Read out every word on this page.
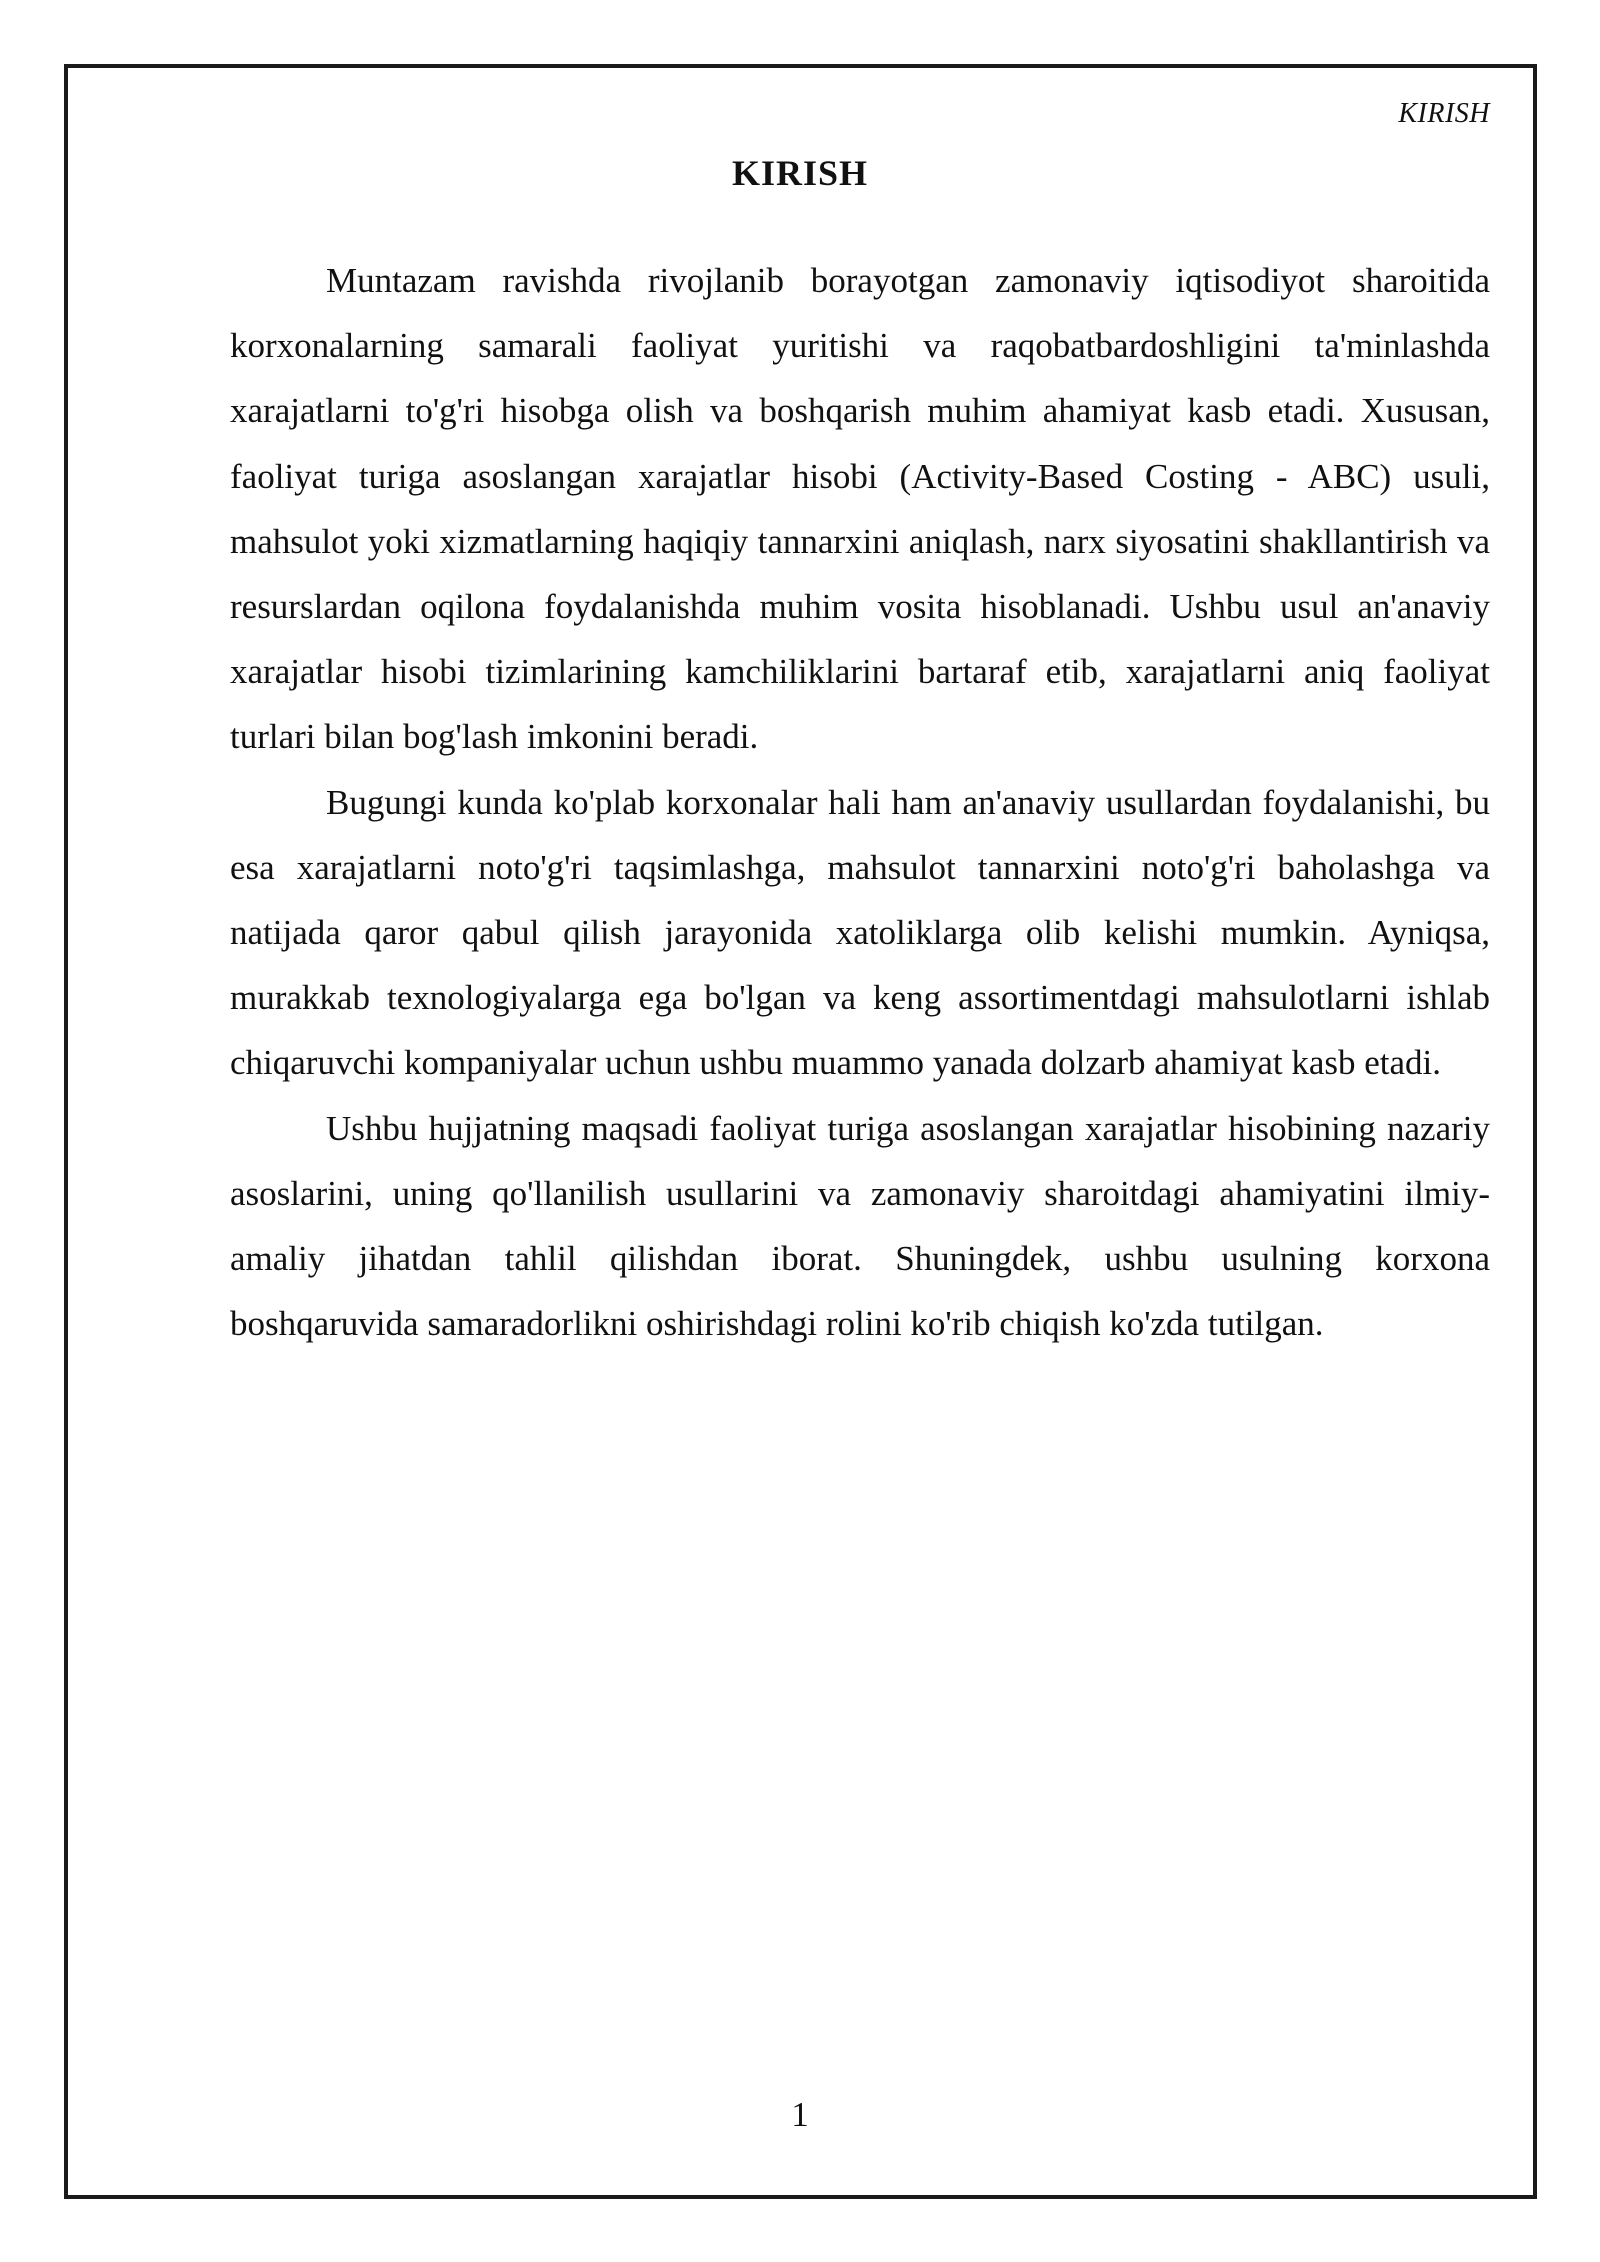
KIRISH
KIRISH

Muntazam ravishda rivojlanib borayotgan zamonaviy iqtisodiyot sharoitida korxonalarning samarali faoliyat yuritishi va raqobatbardoshligini ta'minlashda xarajatlarni to'g'ri hisobga olish va boshqarish muhim ahamiyat kasb etadi. Xususan, faoliyat turiga asoslangan xarajatlar hisobi (Activity-Based Costing - ABC) usuli, mahsulot yoki xizmatlarning haqiqiy tannarxini aniqlash, narx siyosatini shakllantirish va resurslardan oqilona foydalanishda muhim vosita hisoblanadi. Ushbu usul an'anaviy xarajatlar hisobi tizimlarining kamchiliklarini bartaraf etib, xarajatlarni aniq faoliyat turlari bilan bog'lash imkonini beradi.

Bugungi kunda ko'plab korxonalar hali ham an'anaviy usullardan foydalanishi, bu esa xarajatlarni noto'g'ri taqsimlashga, mahsulot tannarxini noto'g'ri baholashga va natijada qaror qabul qilish jarayonida xatoliklarga olib kelishi mumkin. Ayniqsa, murakkab texnologiyalarga ega bo'lgan va keng assortimentdagi mahsulotlarni ishlab chiqaruvchi kompaniyalar uchun ushbu muammo yanada dolzarb ahamiyat kasb etadi.

Ushbu hujjatning maqsadi faoliyat turiga asoslangan xarajatlar hisobining nazariy asoslarini, uning qo'llanilish usullarini va zamonaviy sharoitdagi ahamiyatini ilmiy-amaliy jihatdan tahlil qilishdan iborat. Shuningdek, ushbu usulning korxona boshqaruvida samaradorlikni oshirishdagi rolini ko'rib chiqish ko'zda tutilgan.

1
